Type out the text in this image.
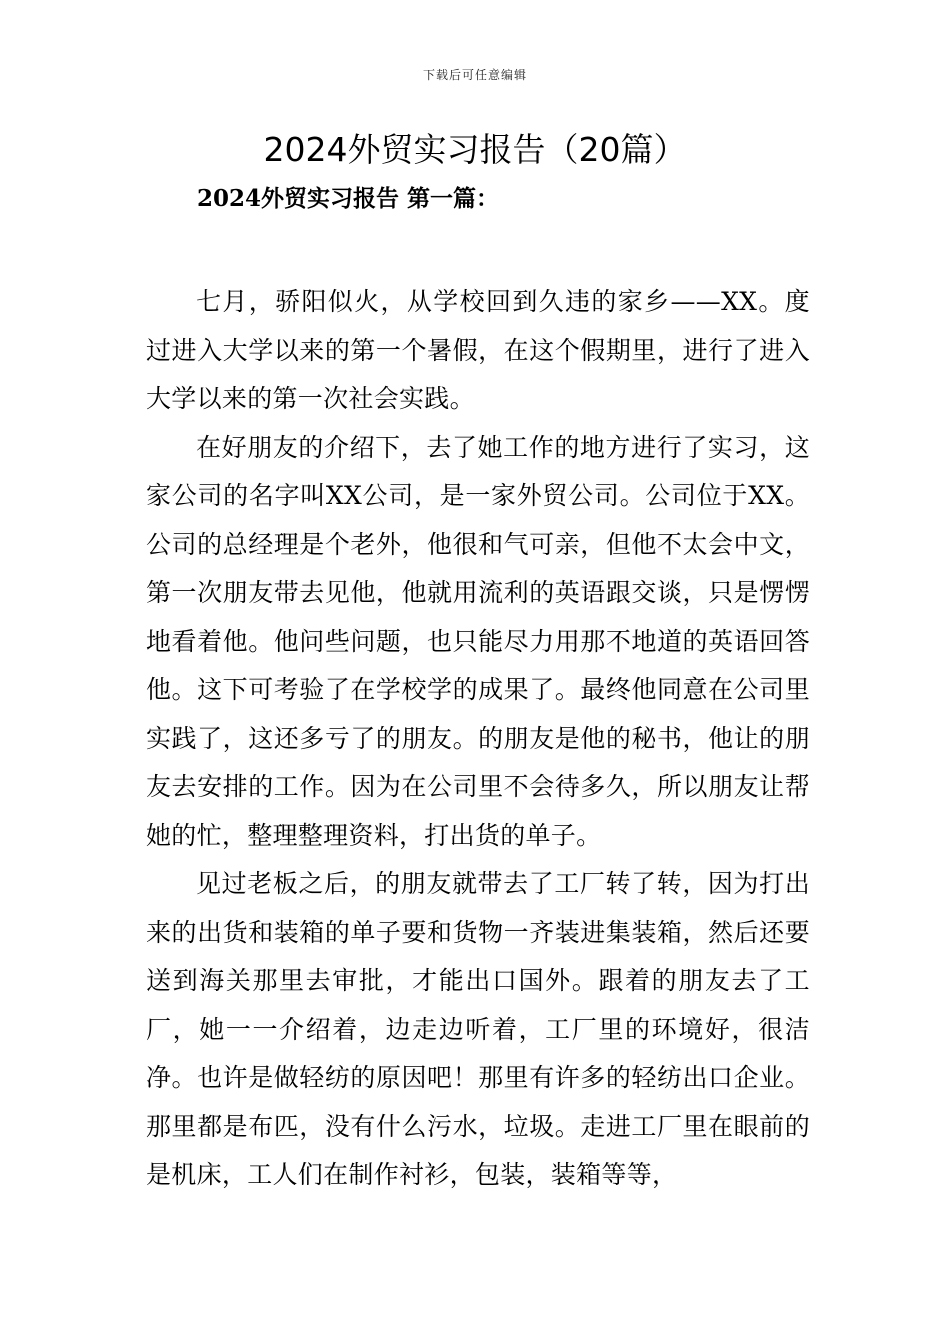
下载后可任意编辑
2024外贸实习报告（20篇）
2024外贸实习报告 第一篇：

七月，骄阳似火，从学校回到久违的家乡——XX。度过进入大学以来的第一个暑假，在这个假期里，进行了进入大学以来的第一次社会实践。

在好朋友的介绍下，去了她工作的地方进行了实习，这家公司的名字叫XX公司，是一家外贸公司。公司位于XX。公司的总经理是个老外，他很和气可亲，但他不太会中文，第一次朋友带去见他，他就用流利的英语跟交谈，只是愣愣地看着他。他问些问题，也只能尽力用那不地道的英语回答他。这下可考验了在学校学的成果了。最终他同意在公司里实践了，这还多亏了的朋友。的朋友是他的秘书，他让的朋友去安排的工作。因为在公司里不会待多久，所以朋友让帮她的忙，整理整理资料，打出货的单子。

见过老板之后，的朋友就带去了工厂转了转，因为打出来的出货和装箱的单子要和货物一齐装进集装箱，然后还要送到海关那里去审批，才能出口国外。跟着的朋友去了工厂，她一一介绍着，边走边听着，工厂里的环境好，很洁净。也许是做轻纺的原因吧！那里有许多的轻纺出口企业。那里都是布匹，没有什么污水，垃圾。走进工厂里在眼前的是机床，工人们在制作衬衫，包装，装箱等等，
